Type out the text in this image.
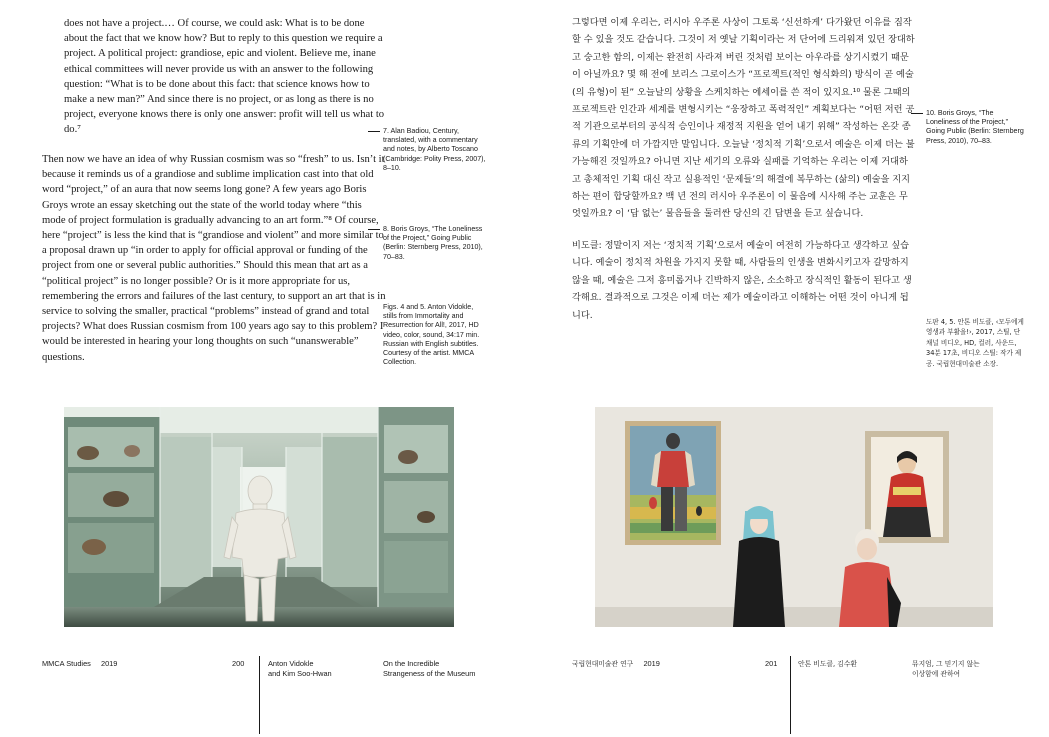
does not have a project.… Of course, we could ask: What is to be done about the fact that we know how? But to reply to this question we require a project. A political project: grandiose, epic and violent. Believe me, inane ethical committees will never provide us with an answer to the following question: “What is to be done about this fact: that science knows how to make a new man?” And since there is no project, or as long as there is no project, everyone knows there is only one answer: profit will tell us what to do.⁷

Then now we have an idea of why Russian cosmism was so “fresh” to us. Isn’t it because it reminds us of a grandiose and sublime implication cast into that old word “project,” of an aura that now seems long gone? A few years ago Boris Groys wrote an essay sketching out the state of the world today where “this mode of project formulation is gradually advancing to an art form.”⁸ Of course, here “project” is less the kind that is “grandiose and violent” and more similar to a proposal drawn up “in order to apply for official approval or funding of the project from one or several public authorities.” Should this mean that art as a “political project” is no longer possible? Or is it more appropriate for us, remembering the errors and failures of the last century, to support an art that is in service to solving the smaller, practical “problems” instead of grand and total projects? What does Russian cosmism from 100 years ago say to this problem? I would be interested in hearing your long thoughts on such “unanswerable” questions.

7. Alan Badiou, Century, translated, with a commentary and notes, by Alberto Toscano (Cambridge: Polity Press, 2007), 8–10.
8. Boris Groys, “The Loneliness of the Project,” Going Public (Berlin: Sternberg Press, 2010), 70–83.
Figs. 4 and 5. Anton Vidokle, stills from Immortality and Resurrection for All!, 2017, HD video, color, sound, 34:17 min. Russian with English subtitles. Courtesy of the artist. MMCA Collection.
MMCA Studies 2019	200	Anton Vidokle
and Kim Soo-Hwan
On the Incredible
Strangeness of the Museum

그렇다면 이제 우리는, 러시아 우주론 사상이 그토록 ‘신선하게’ 다가왔던 이유를 짐작할 수 있을 것도 같습니다. 그것이 저 옛날 기획이라는 저 단어에 드리워져 있던 장대하고 숭고한 함의, 이제는 완전히 사라져 버린 것처럼 보이는 아우라를 상기시켰기 때문이 아닐까요? 몇 해 전에 보리스 그로이스가 “프로젝트(적인 형식화의) 방식이 곧 예술(의 유형)이 된” 오늘날의 상황을 스케치하는 에세이를 쓴 적이 있지요.¹⁰ 물론 그때의 프로젝트란 인간과 세계를 변형시키는 “웅장하고 폭력적인” 계획보다는 “어떤 저런 공적 기관으로부터의 공식적 승인이나 재정적 지원을 얻어 내기 위해” 작성하는 온갖 종류의 기획안에 더 가깝지만 말입니다. 오늘날 ‘정치적 기획’으로서 예술은 이제 더는 불가능해진 것일까요? 아니면 지난 세기의 오류와 실패를 기억하는 우리는 이제 거대하고 총체적인 기획 대신 작고 실용적인 ‘문제들’의 해결에 복무하는 (삶의) 예술을 지지하는 편이 합당할까요? 백 년 전의 러시아 우주론이 이 물음에 시사해 주는 교훈은 무엇일까요? 이 ‘답 없는’ 물음들을 둘러싼 당신의 긴 답변을 듣고 싶습니다.

비도클: 정말이지 저는 ‘정치적 기획’으로서 예술이 여전히 가능하다고 생각하고 싶습니다. 예술이 정치적 차원을 가지지 못할 때, 사람들의 인생을 변화시키고자 갈망하지 않을 때, 예술은 그저 흥미롭거나 긴박하지 않은, 소소하고 장식적인 활동이 된다고 생각해요. 결과적으로 그것은 이제 더는 제가 예술이라고 이해하는 어떤 것이 아니게 됩니다.

10. Boris Groys, “The Loneliness of the Project,” Going Public (Berlin: Sternberg Press, 2010), 70–83.
도판 4, 5. 안톤 비도클, ‹모두에게 영생과 부활을!›, 2017, 스틸, 단채널 비디오, HD, 컬러, 사운드, 34분 17초, 비디오 스틸: 작가 제공. 국립현대미술관 소장.
국립현대미술관 연구 2019	201	안톤 비도클, 김수환	뮤지엄, 그 믿기지 않는
이상함에 관하여
